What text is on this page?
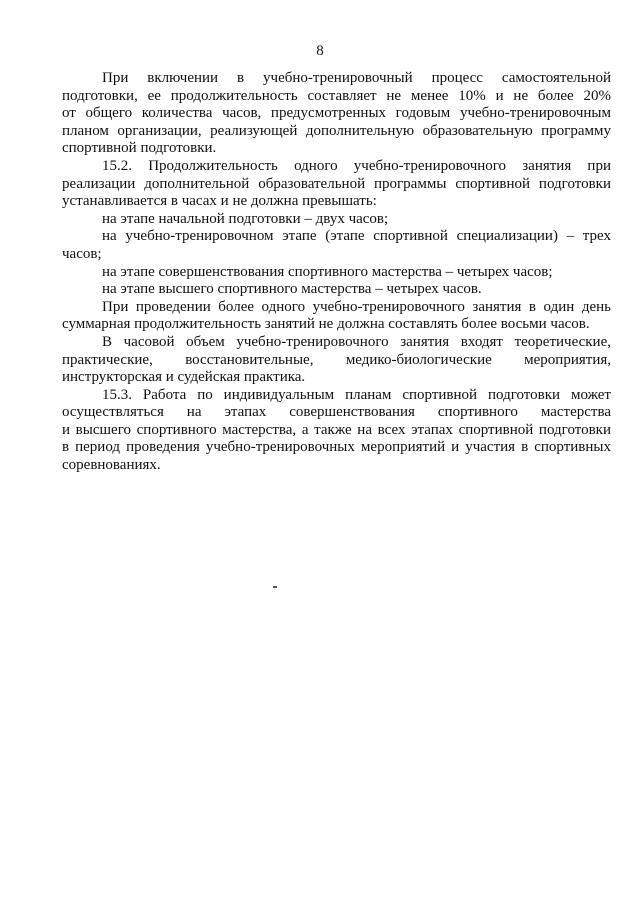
8
При включении в учебно-тренировочный процесс самостоятельной
подготовки, ее продолжительность составляет не менее 10% и не более 20%
от общего количества часов, предусмотренных годовым учебно-тренировочным
планом организации, реализующей дополнительную образовательную программу
спортивной подготовки.
15.2. Продолжительность одного учебно-тренировочного занятия при
реализации дополнительной образовательной программы спортивной подготовки
устанавливается в часах и не должна превышать:
на этапе начальной подготовки – двух часов;
на учебно-тренировочном этапе (этапе спортивной специализации) – трех
часов;
на этапе совершенствования спортивного мастерства – четырех часов;
на этапе высшего спортивного мастерства – четырех часов.
При проведении более одного учебно-тренировочного занятия в один день
суммарная продолжительность занятий не должна составлять более восьми часов.
В часовой объем учебно-тренировочного занятия входят теоретические,
практические, восстановительные, медико-биологические мероприятия,
инструкторская и судейская практика.
15.3. Работа по индивидуальным планам спортивной подготовки может
осуществляться на этапах совершенствования спортивного мастерства
и высшего спортивного мастерства, а также на всех этапах спортивной подготовки
в период проведения учебно-тренировочных мероприятий и участия в спортивных
соревнованиях.
